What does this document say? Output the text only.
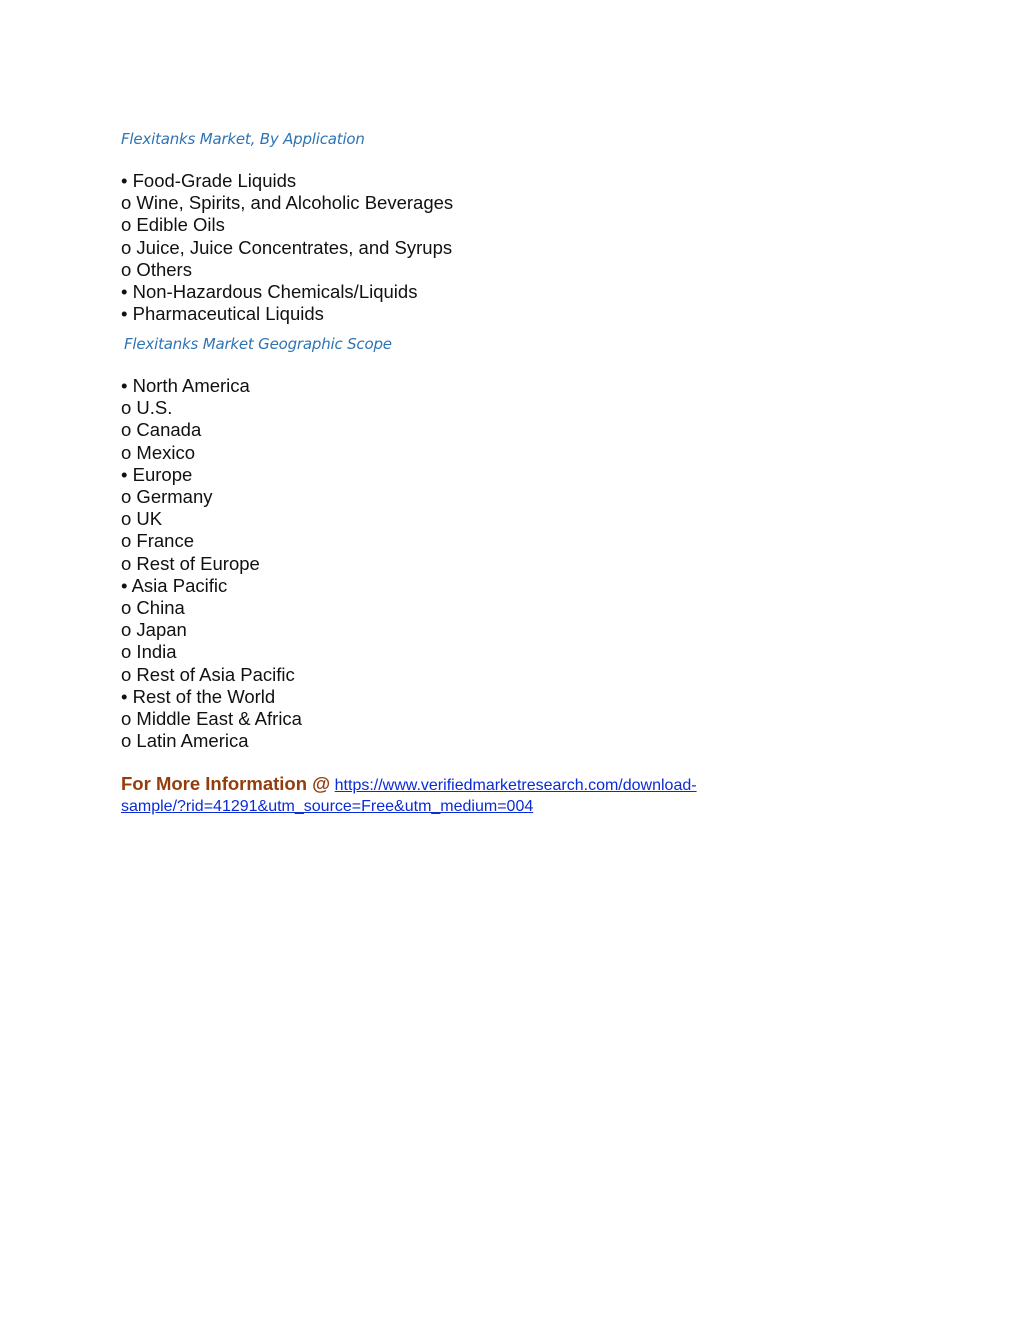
Flexitanks Market, By Application
• Food-Grade Liquids
o Wine, Spirits, and Alcoholic Beverages
o Edible Oils
o Juice, Juice Concentrates, and Syrups
o Others
• Non-Hazardous Chemicals/Liquids
• Pharmaceutical Liquids
Flexitanks Market Geographic Scope
• North America
o U.S.
o Canada
o Mexico
• Europe
o Germany
o UK
o France
o Rest of Europe
• Asia Pacific
o China
o Japan
o India
o Rest of Asia Pacific
• Rest of the World
o Middle East & Africa
o Latin America
For More Information @ https://www.verifiedmarketresearch.com/download-
sample/?rid=41291&utm_source=Free&utm_medium=004
